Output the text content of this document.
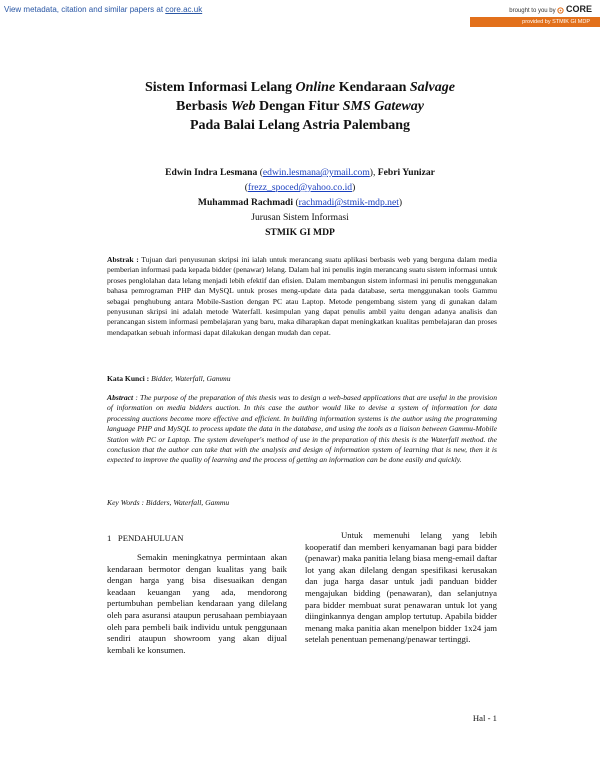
View metadata, citation and similar papers at core.ac.uk	brought to you by CORE
provided by STMIK GI MDP
Sistem Informasi Lelang Online Kendaraan Salvage
Berbasis Web Dengan Fitur SMS Gateway
Pada Balai Lelang Astria Palembang
Edwin Indra Lesmana (edwin.lesmana@ymail.com), Febri Yunizar
(frezz_spoced@yahoo.co.id)
Muhammad Rachmadi (rachmadi@stmik-mdp.net)
Jurusan Sistem Informasi
STMIK GI MDP
Abstrak : Tujuan dari penyusunan skripsi ini ialah untuk merancang suatu aplikasi berbasis web yang berguna dalam media pemberian informasi pada kepada bidder (penawar) lelang. Dalam hal ini penulis ingin merancang suatu sistem informasi untuk proses penglolahan data lelang menjadi lebih efektif dan efisien. Dalam membangun sistem informasi ini penulis menggunakan bahasa pemrograman PHP dan MySQL untuk proses meng-update data pada database, serta menggunakan tools Gammu sebagai penghubung antara Mobile-Sastion dengan PC atau Laptop. Metode pengembang sistem yang di gunakan dalam penyusunan skripsi ini adalah metode Waterfall. kesimpulan yang dapat penulis ambil yaitu dengan adanya analisis dan perancangan sistem informasi pembelajaran yang baru, maka diharapkan dapat meningkatkan kualitas pembelajaran dan proses mendapatkan sebuah informasi dapat dilakukan dengan mudah dan cepat.
Kata Kunci : Bidder, Waterfall, Gammu
Abstract : The purpose of the preparation of this thesis was to design a web-based applications that are useful in the provision of information on media bidders auction. In this case the author would like to devise a system of information for data processing auctions become more effective and efficient. In building information systems is the author using the programming language PHP and MySQL to process update the data in the database, and using the tools as a liaison between Gammu-Mobile Station with PC or Laptop. The system developer's method of use in the preparation of this thesis is the Waterfall method. the conclusion that the author can take that with the analysis and design of information system of learning that is new, then it is expected to improve the quality of learning and the process of getting an information can be done easily and quickly.
Key Words : Bidders, Waterfall, Gammu
1 PENDAHULUAN
Semakin meningkatnya permintaan akan kendaraan bermotor dengan kualitas yang baik dengan harga yang bisa disesuaikan dengan keadaan keuangan yang ada, mendorong pertumbuhan pembelian kendaraan yang dilelang oleh para asuransi ataupun perusahaan pembiayaan oleh para pembeli baik individu untuk penggunaan sendiri ataupun showroom yang akan dijual kembali ke konsumen.
Untuk memenuhi lelang yang lebih kooperatif dan memberi kenyamanan bagi para bidder (penawar) maka panitia lelang biasa meng-email daftar lot yang akan dilelang dengan spesifikasi kerusakan dan juga harga dasar untuk jadi panduan bidder mengajukan bidding (penawaran), dan selanjutnya para bidder membuat surat penawaran untuk lot yang diinginkannya dengan amplop tertutup. Apabila bidder menang maka panitia akan menelpon bidder 1x24 jam setelah penentuan pemenang/penawar tertinggi.
Hal - 1
